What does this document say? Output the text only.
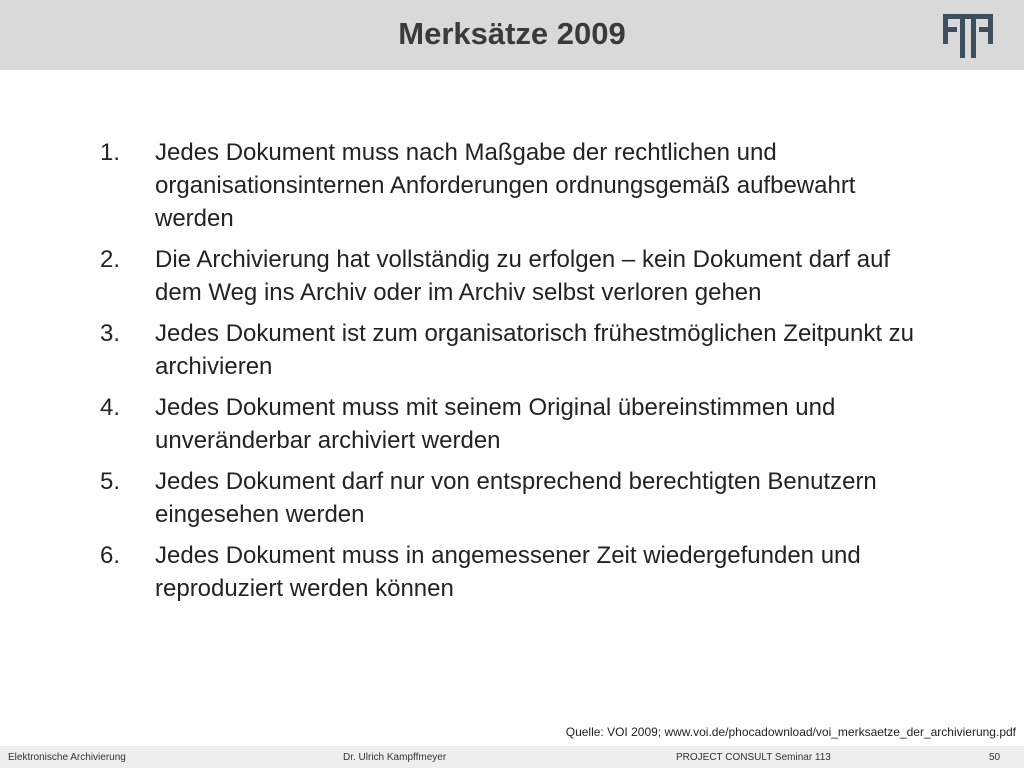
Merksätze 2009
1.	Jedes Dokument muss nach Maßgabe der rechtlichen und organisationsinternen Anforderungen ordnungsgemäß aufbewahrt werden
2.	Die Archivierung hat vollständig zu erfolgen – kein Dokument darf auf dem Weg ins Archiv oder im Archiv selbst verloren gehen
3.	Jedes Dokument ist zum organisatorisch frühestmöglichen Zeitpunkt zu archivieren
4.	Jedes Dokument muss mit seinem Original übereinstimmen und unveränderbar archiviert werden
5.	Jedes Dokument darf nur von entsprechend berechtigten Benutzern eingesehen werden
6.	Jedes Dokument muss in angemessener Zeit wiedergefunden und reproduziert werden können
Quelle: VOI 2009; www.voi.de/phocadownload/voi_merksaetze_der_archivierung.pdf
Elektronische Archivierung	Dr. Ulrich Kampffmeyer	PROJECT CONSULT Seminar 113	50
